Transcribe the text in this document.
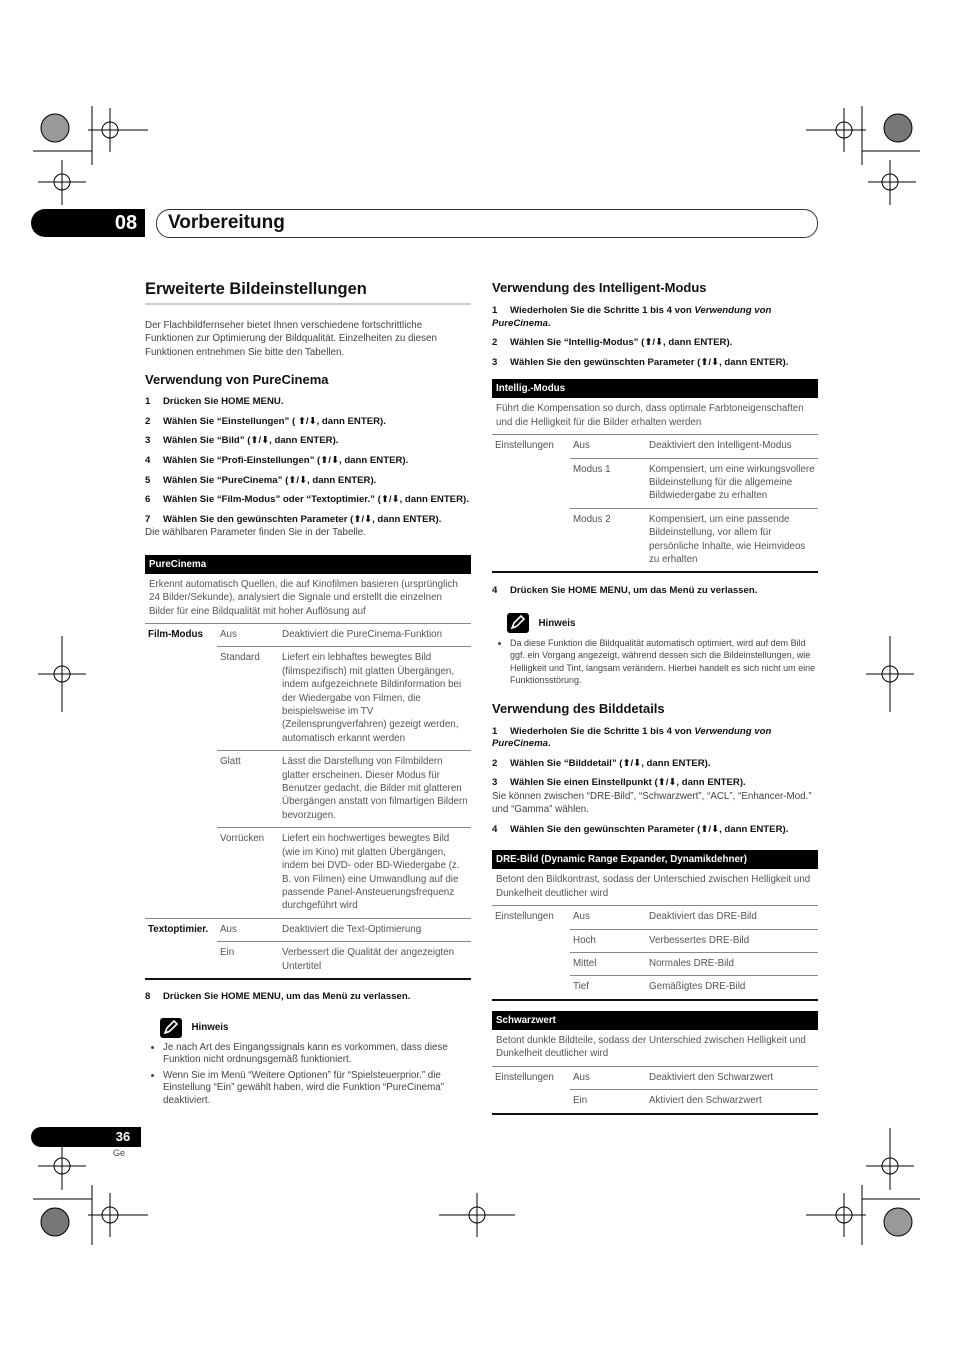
08 Vorbereitung
Erweiterte Bildeinstellungen

Der Flachbildfernseher bietet Ihnen verschiedene fortschrittliche Funktionen zur Optimierung der Bildqualität. Einzelheiten zu diesen Funktionen entnehmen Sie bitte den Tabellen.

Verwendung von PureCinema

1 Drücken Sie HOME MENU.

2 Wählen Sie “Einstellungen” ( ⬆/⬇, dann ENTER).

3 Wählen Sie “Bild” (⬆/⬇, dann ENTER).

4 Wählen Sie “Profi-Einstellungen” (⬆/⬇, dann ENTER).

5 Wählen Sie “PureCinema” (⬆/⬇, dann ENTER).

6 Wählen Sie “Film-Modus” oder “Textoptimier.” (⬆/⬇, dann ENTER).

7 Wählen Sie den gewünschten Parameter (⬆/⬇, dann ENTER).

Die wählbaren Parameter finden Sie in der Tabelle.

PureCinema
Erkennt automatisch Quellen, die auf Kinofilmen basieren (ursprünglich 24 Bilder/Sekunde), analysiert die Signale und erstellt die einzelnen Bilder für eine Bildqualität mit hoher Auflösung auf
Film-Modus	Aus	Deaktiviert die PureCinema-Funktion
	Standard	Liefert ein lebhaftes bewegtes Bild (filmspezifisch) mit glatten Übergängen, indem aufgezeichnete Bildinformation bei der Wiedergabe von Filmen, die beispielsweise im TV (Zeilensprungverfahren) gezeigt werden, automatisch erkannt werden
	Glatt	Lässt die Darstellung von Filmbildern glatter erscheinen. Dieser Modus für Benutzer gedacht, die Bilder mit glatteren Übergängen anstatt von filmartigen Bildern bevorzugen.
	Vorrücken	Liefert ein hochwertiges bewegtes Bild (wie im Kino) mit glatten Übergängen, indem bei DVD- oder BD-Wiedergabe (z. B. von Filmen) eine Umwandlung auf die passende Panel-Ansteuerungsfrequenz durchgeführt wird
Textoptimier.	Aus	Deaktiviert die Text-Optimierung
	Ein	Verbessert die Qualität der angezeigten Untertitel

8 Drücken Sie HOME MENU, um das Menü zu verlassen.

Hinweis
• Je nach Art des Eingangssignals kann es vorkommen, dass diese Funktion nicht ordnungsgemäß funktioniert.
• Wenn Sie im Menü “Weitere Optionen” für “Spielsteuerprior.” die Einstellung “Ein” gewählt haben, wird die Funktion “PureCinema” deaktiviert.
Verwendung des Intelligent-Modus

1 Wiederholen Sie die Schritte 1 bis 4 von Verwendung von PureCinema.

2 Wählen Sie “Intellig-Modus” (⬆/⬇, dann ENTER).

3 Wählen Sie den gewünschten Parameter (⬆/⬇, dann ENTER).

Intellig.-Modus
Führt die Kompensation so durch, dass optimale Farbtoneigenschaften und die Helligkeit für die Bilder erhalten werden
Einstellungen	Aus	Deaktiviert den Intelligent-Modus
	Modus 1	Kompensiert, um eine wirkungsvollere Bildeinstellung für die allgemeine Bildwiedergabe zu erhalten
	Modus 2	Kompensiert, um eine passende Bildeinstellung, vor allem für persönliche Inhalte, wie Heimvideos zu erhalten

4 Drücken Sie HOME MENU, um das Menü zu verlassen.

Hinweis
• Da diese Funktion die Bildqualität automatisch optimiert, wird auf dem Bild ggf. ein Vorgang angezeigt, während dessen sich die Bildeinstellungen, wie Helligkeit und Tint, langsam verändern. Hierbei handelt es sich nicht um eine Funktionsstörung.
Verwendung des Bilddetails

1 Wiederholen Sie die Schritte 1 bis 4 von Verwendung von PureCinema.

2 Wählen Sie “Bilddetail” (⬆/⬇, dann ENTER).

3 Wählen Sie einen Einstellpunkt (⬆/⬇, dann ENTER).

Sie können zwischen “DRE-Bild”, “Schwarzwert”, “ACL”, “Enhancer-Mod.” und “Gamma” wählen.

4 Wählen Sie den gewünschten Parameter (⬆/⬇, dann ENTER).

DRE-Bild (Dynamic Range Expander, Dynamikdehner)
Betont den Bildkontrast, sodass der Unterschied zwischen Helligkeit und Dunkelheit deutlicher wird
Einstellungen	Aus	Deaktiviert das DRE-Bild
	Hoch	Verbessertes DRE-Bild
	Mittel	Normales DRE-Bild
	Tief	Gemäßigtes DRE-Bild
Schwarzwert
Betont dunkle Bildteile, sodass der Unterschied zwischen Helligkeit und Dunkelheit deutlicher wird
Einstellungen	Aus	Deaktiviert den Schwarzwert
	Ein	Aktiviert den Schwarzwert
36
Ge
